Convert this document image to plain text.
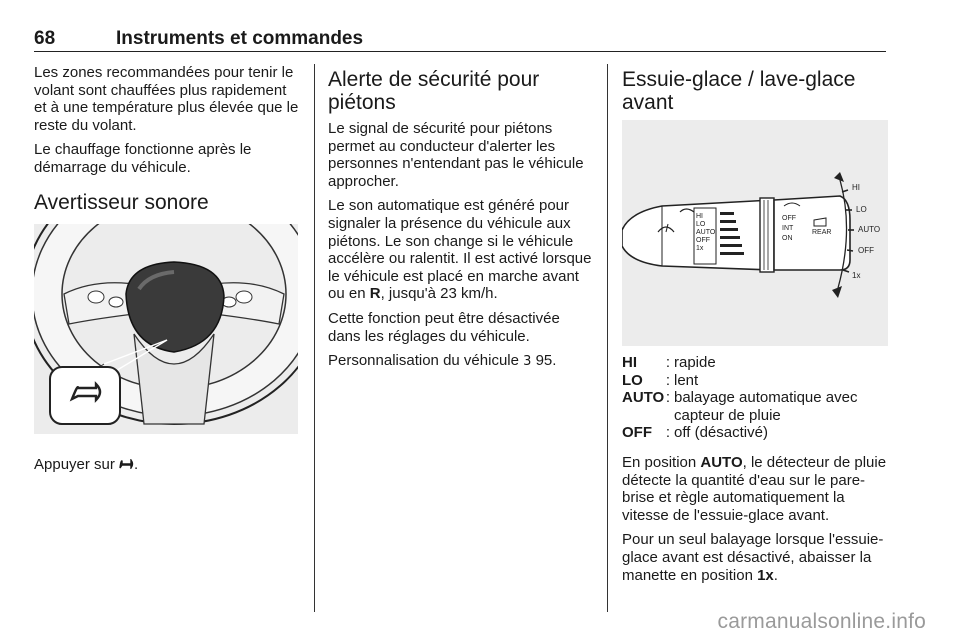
68	Instruments et commandes

Les zones recommandées pour tenir le volant sont chauffées plus rapidement et à une température plus élevée que le reste du volant.

Le chauffage fonctionne après le démarrage du véhicule.

Avertisseur sonore

Appuyer sur .

Alerte de sécurité pour piétons

Le signal de sécurité pour piétons permet au conducteur d'alerter les personnes n'entendant pas le véhicule approcher.

Le son automatique est généré pour signaler la présence du véhicule aux piétons. Le son change si le véhicule accélère ou ralentit. Il est activé lorsque le véhicule est placé en marche avant ou en R, jusqu'à 23 km/h.

Cette fonction peut être désactivée dans les réglages du véhicule.

Personnalisation du véhicule 3 95.

Essuie-glace / lave-glace avant
HI
LO
AUTO
OFF
1x
OFF
INT
ON
REAR
HI
LO
AUTO
OFF
1x
HI	: rapide
LO	: lent
AUTO : balayage automatique avec capteur de pluie
OFF : off (désactivé)

En position AUTO, le détecteur de pluie détecte la quantité d'eau sur le pare-brise et règle automatiquement la vitesse de l'essuie-glace avant.

Pour un seul balayage lorsque l'essuie-glace avant est désactivé, abaisser la manette en position 1x.

carmanualsonline.info
